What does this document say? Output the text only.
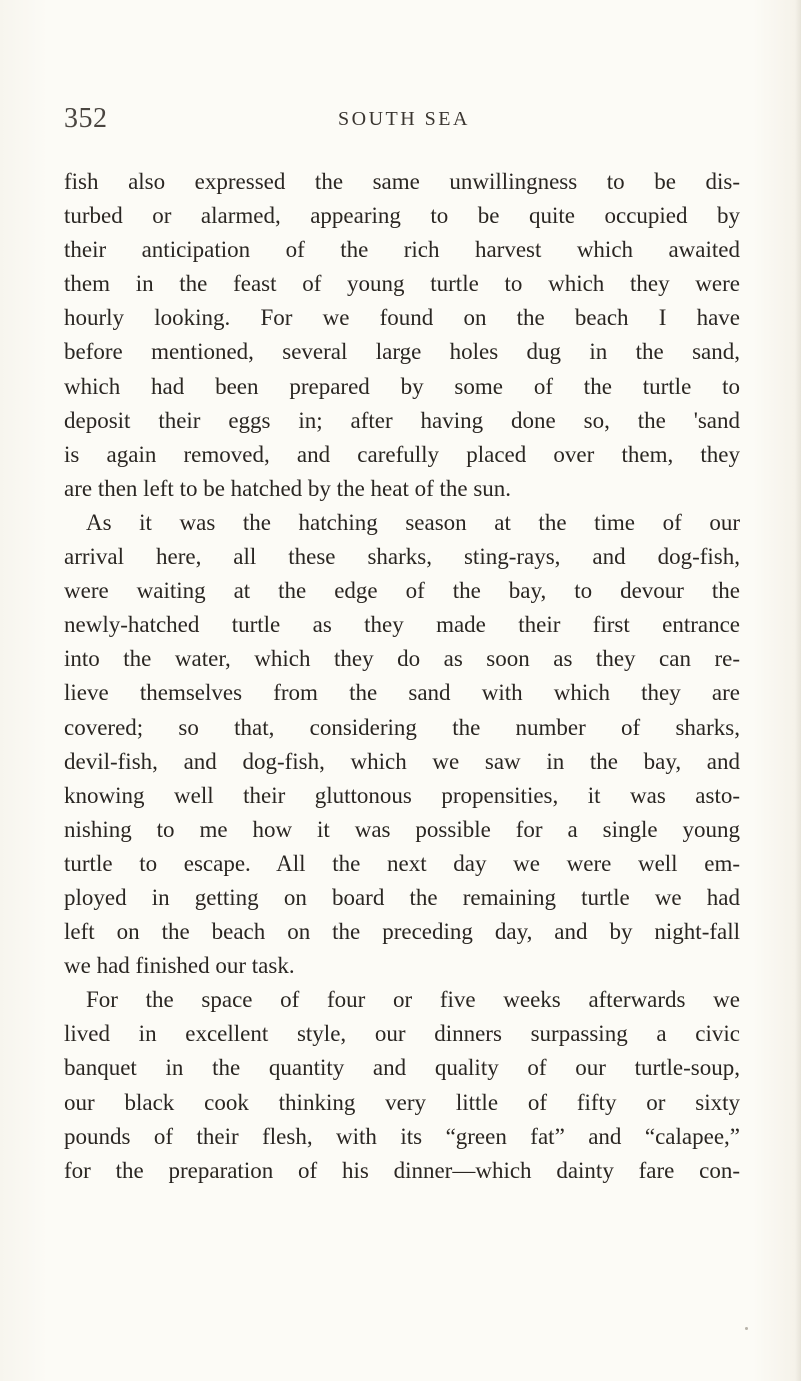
352	SOUTH SEA
fish also expressed the same unwillingness to be dis-
turbed or alarmed, appearing to be quite occupied by
their anticipation of the rich harvest which awaited
them in the feast of young turtle to which they were
hourly looking. For we found on the beach I have
before mentioned, several large holes dug in the sand,
which had been prepared by some of the turtle to
deposit their eggs in; after having done so, the 'sand
is again removed, and carefully placed over them, they
are then left to be hatched by the heat of the sun.
As it was the hatching season at the time of our
arrival here, all these sharks, sting-rays, and dog-fish,
were waiting at the edge of the bay, to devour the
newly-hatched turtle as they made their first entrance
into the water, which they do as soon as they can re-
lieve themselves from the sand with which they are
covered; so that, considering the number of sharks,
devil-fish, and dog-fish, which we saw in the bay, and
knowing well their gluttonous propensities, it was asto-
nishing to me how it was possible for a single young
turtle to escape. All the next day we were well em-
ployed in getting on board the remaining turtle we had
left on the beach on the preceding day, and by night-fall
we had finished our task.
For the space of four or five weeks afterwards we
lived in excellent style, our dinners surpassing a civic
banquet in the quantity and quality of our turtle-soup,
our black cook thinking very little of fifty or sixty
pounds of their flesh, with its “green fat” and “calapee,”
for the preparation of his dinner—which dainty fare con-
